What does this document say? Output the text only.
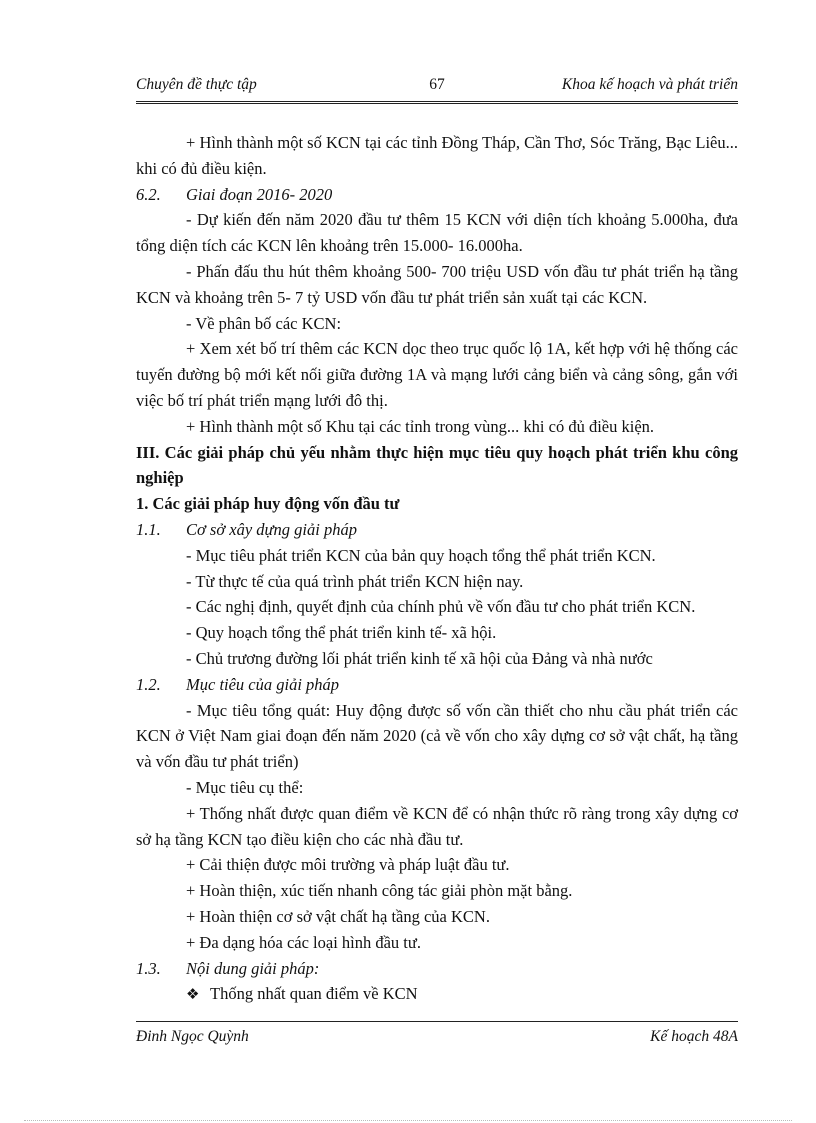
Chuyên đề thực tập	67	Khoa kế hoạch và phát triển

+ Hình thành một số KCN tại các tỉnh Đồng Tháp, Cần Thơ, Sóc Trăng, Bạc Liêu... khi có đủ điều kiện.

6.2. Giai đoạn 2016- 2020

- Dự kiến đến năm 2020 đầu tư thêm 15 KCN với diện tích khoảng 5.000ha, đưa tổng diện tích các KCN lên khoảng trên 15.000- 16.000ha.

- Phấn đấu thu hút thêm khoảng 500- 700 triệu USD vốn đầu tư phát triển hạ tầng KCN và khoảng trên 5- 7 tỷ USD vốn đầu tư phát triển sản xuất tại các KCN.

- Về phân bố các KCN:

+ Xem xét bố trí thêm các KCN dọc theo trục quốc lộ 1A, kết hợp với hệ thống các tuyến đường bộ mới kết nối giữa đường 1A và mạng lưới cảng biển và cảng sông, gắn với việc bố trí phát triển mạng lưới đô thị.

+ Hình thành một số Khu tại các tỉnh trong vùng... khi có đủ điều kiện.

III. Các giải pháp chủ yếu nhằm thực hiện mục tiêu quy hoạch phát triển khu công nghiệp

1. Các giải pháp huy động vốn đầu tư

1.1. Cơ sở xây dựng giải pháp

- Mục tiêu phát triển KCN của bản quy hoạch tổng thể phát triển KCN.

- Từ thực tế của quá trình phát triển KCN hiện nay.

- Các nghị định, quyết định của chính phủ về vốn đầu tư cho phát triển KCN.

- Quy hoạch tổng thể phát triển kinh tế- xã hội.

- Chủ trương đường lối phát triển kinh tế xã hội của Đảng và nhà nước

1.2. Mục tiêu của giải pháp

- Mục tiêu tổng quát: Huy động được số vốn cần thiết cho nhu cầu phát triển các KCN ở Việt Nam giai đoạn đến năm 2020 (cả về vốn cho xây dựng cơ sở vật chất, hạ tầng và vốn đầu tư phát triển)

- Mục tiêu cụ thể:

+ Thống nhất được quan điểm về KCN để có nhận thức rõ ràng trong xây dựng cơ sở hạ tầng KCN tạo điều kiện cho các nhà đầu tư.

+ Cải thiện được môi trường và pháp luật đầu tư.

+ Hoàn thiện, xúc tiến nhanh công tác giải phòn mặt bằng.

+ Hoàn thiện cơ sở vật chất hạ tầng của KCN.

+ Đa dạng hóa các loại hình đầu tư.

1.3. Nội dung giải pháp:

❖ Thống nhất quan điểm về KCN

Đinh Ngọc Quỳnh	Kế hoạch 48A
